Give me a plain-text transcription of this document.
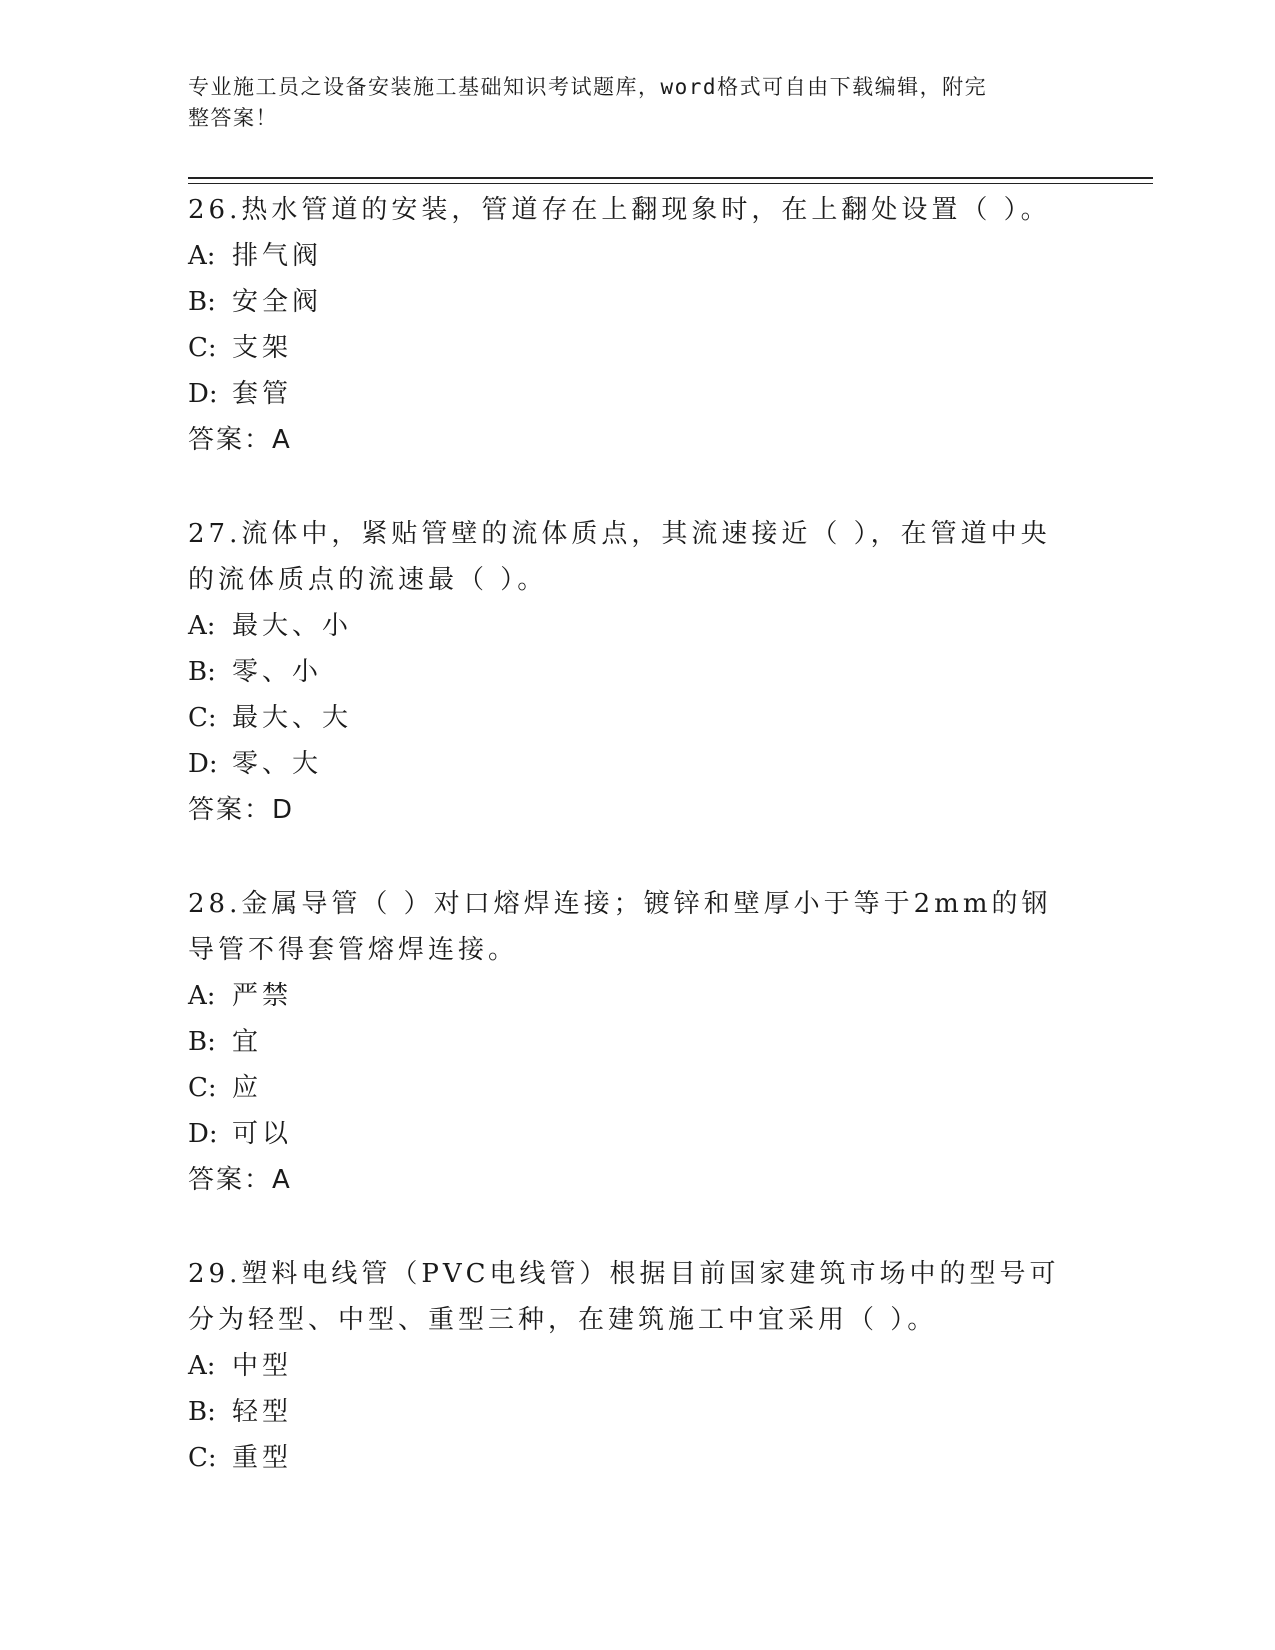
专业施工员之设备安装施工基础知识考试题库，word格式可自由下载编辑，附完
整答案！
26.热水管道的安装，管道存在上翻现象时，在上翻处设置（ ）。
A: 排气阀
B: 安全阀
C: 支架
D: 套管
答案：A
27.流体中，紧贴管壁的流体质点，其流速接近（ ），在管道中央的流体质点的流速最（ ）。
A: 最大、小
B: 零、小
C: 最大、大
D: 零、大
答案：D
28.金属导管（ ）对口熔焊连接；镀锌和壁厚小于等于2mm的钢导管不得套管熔焊连接。
A: 严禁
B: 宜
C: 应
D: 可以
答案：A
29.塑料电线管（PVC电线管）根据目前国家建筑市场中的型号可分为轻型、中型、重型三种，在建筑施工中宜采用（ ）。
A: 中型
B: 轻型
C: 重型
